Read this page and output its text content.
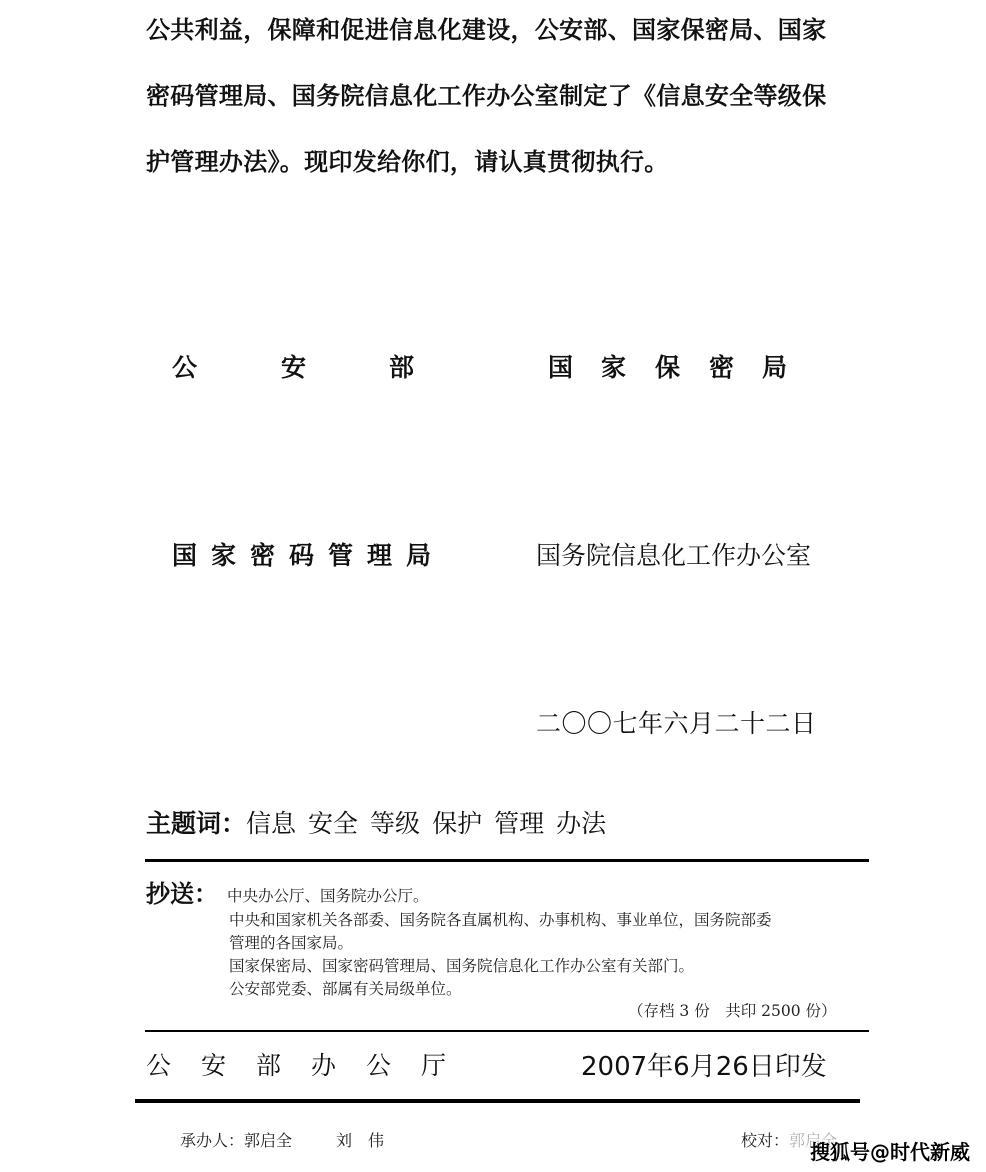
公共利益，保障和促进信息化建设，公安部、国家保密局、国家
密码管理局、国务院信息化工作办公室制定了《信息安全等级保
护管理办法》。现印发给你们，请认真贯彻执行。
公	安	部	国 家 保 密 局
国 家 密 码 管 理 局	国务院信息化工作办公室
二〇〇七年六月二十二日
主题词：信息 安全 等级 保护 管理 办法
抄送： 中央办公厅、国务院办公厅。
中央和国家机关各部委、国务院各直属机构、办事机构、事业单位，国务院部委
管理的各国家局。
国家保密局、国家密码管理局、国务院信息化工作办公室有关部门。
公安部党委、部属有关局级单位。
（存档 3 份　共印 2500 份）
公 安 部 办 公 厅	2007年6月26日印发
承办人：郭启全	刘　伟	校对：郭启全
搜狐号@时代新威
